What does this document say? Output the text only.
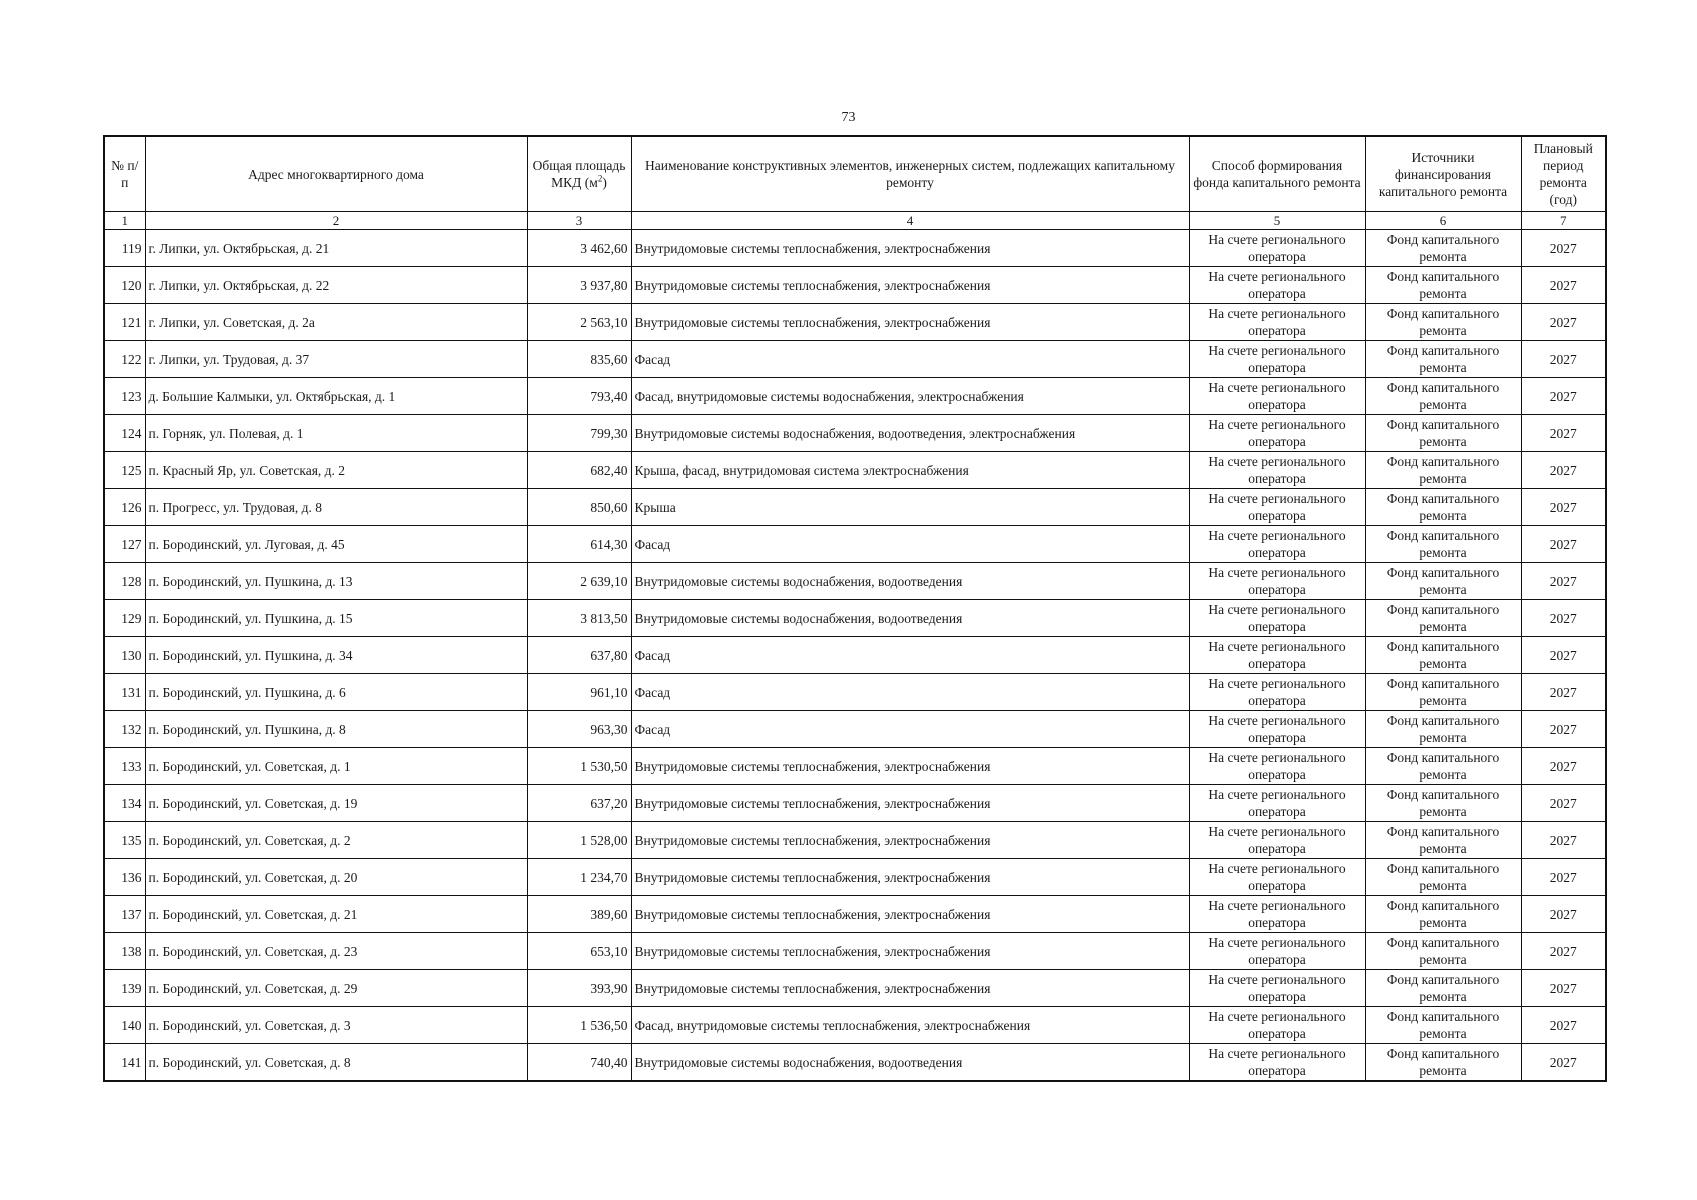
73
№ п/п	Адрес многоквартирного дома	Общая площадь МКД $(м^2)$	Наименование конструктивных элементов, инженерных систем, подлежащих капитальному ремонту	Способ формирования фонда капитального ремонта	Источники финансирования капитального ремонта	Плановый период ремонта (год)
1	2	3	4	5	6	7
119	г. Липки, ул. Октябрьская, д. 21	3 462,60	Внутридомовые системы теплоснабжения, электроснабжения	На счете регионального оператора	Фонд капитального ремонта	2027
120	г. Липки, ул. Октябрьская, д. 22	3 937,80	Внутридомовые системы теплоснабжения, электроснабжения	На счете регионального оператора	Фонд капитального ремонта	2027
121	г. Липки, ул. Советская, д. 2а	2 563,10	Внутридомовые системы теплоснабжения, электроснабжения	На счете регионального оператора	Фонд капитального ремонта	2027
122	г. Липки, ул. Трудовая, д. 37	835,60	Фасад	На счете регионального оператора	Фонд капитального ремонта	2027
123	д. Большие Калмыки, ул. Октябрьская, д. 1	793,40	Фасад, внутридомовые системы водоснабжения, электроснабжения	На счете регионального оператора	Фонд капитального ремонта	2027
124	п. Горняк, ул. Полевая, д. 1	799,30	Внутридомовые системы водоснабжения, водоотведения, электроснабжения	На счете регионального оператора	Фонд капитального ремонта	2027
125	п. Красный Яр, ул. Советская, д. 2	682,40	Крыша, фасад, внутридомовая система электроснабжения	На счете регионального оператора	Фонд капитального ремонта	2027
126	п. Прогресс, ул. Трудовая, д. 8	850,60	Крыша	На счете регионального оператора	Фонд капитального ремонта	2027
127	п. Бородинский, ул. Луговая, д. 45	614,30	Фасад	На счете регионального оператора	Фонд капитального ремонта	2027
128	п. Бородинский, ул. Пушкина, д. 13	2 639,10	Внутридомовые системы водоснабжения, водоотведения	На счете регионального оператора	Фонд капитального ремонта	2027
129	п. Бородинский, ул. Пушкина, д. 15	3 813,50	Внутридомовые системы водоснабжения, водоотведения	На счете регионального оператора	Фонд капитального ремонта	2027
130	п. Бородинский, ул. Пушкина, д. 34	637,80	Фасад	На счете регионального оператора	Фонд капитального ремонта	2027
131	п. Бородинский, ул. Пушкина, д. 6	961,10	Фасад	На счете регионального оператора	Фонд капитального ремонта	2027
132	п. Бородинский, ул. Пушкина, д. 8	963,30	Фасад	На счете регионального оператора	Фонд капитального ремонта	2027
133	п. Бородинский, ул. Советская, д. 1	1 530,50	Внутридомовые системы теплоснабжения, электроснабжения	На счете регионального оператора	Фонд капитального ремонта	2027
134	п. Бородинский, ул. Советская, д. 19	637,20	Внутридомовые системы теплоснабжения, электроснабжения	На счете регионального оператора	Фонд капитального ремонта	2027
135	п. Бородинский, ул. Советская, д. 2	1 528,00	Внутридомовые системы теплоснабжения, электроснабжения	На счете регионального оператора	Фонд капитального ремонта	2027
136	п. Бородинский, ул. Советская, д. 20	1 234,70	Внутридомовые системы теплоснабжения, электроснабжения	На счете регионального оператора	Фонд капитального ремонта	2027
137	п. Бородинский, ул. Советская, д. 21	389,60	Внутридомовые системы теплоснабжения, электроснабжения	На счете регионального оператора	Фонд капитального ремонта	2027
138	п. Бородинский, ул. Советская, д. 23	653,10	Внутридомовые системы теплоснабжения, электроснабжения	На счете регионального оператора	Фонд капитального ремонта	2027
139	п. Бородинский, ул. Советская, д. 29	393,90	Внутридомовые системы теплоснабжения, электроснабжения	На счете регионального оператора	Фонд капитального ремонта	2027
140	п. Бородинский, ул. Советская, д. 3	1 536,50	Фасад, внутридомовые системы теплоснабжения, электроснабжения	На счете регионального оператора	Фонд капитального ремонта	2027
141	п. Бородинский, ул. Советская, д. 8	740,40	Внутридомовые системы водоснабжения, водоотведения	На счете регионального оператора	Фонд капитального ремонта	2027
